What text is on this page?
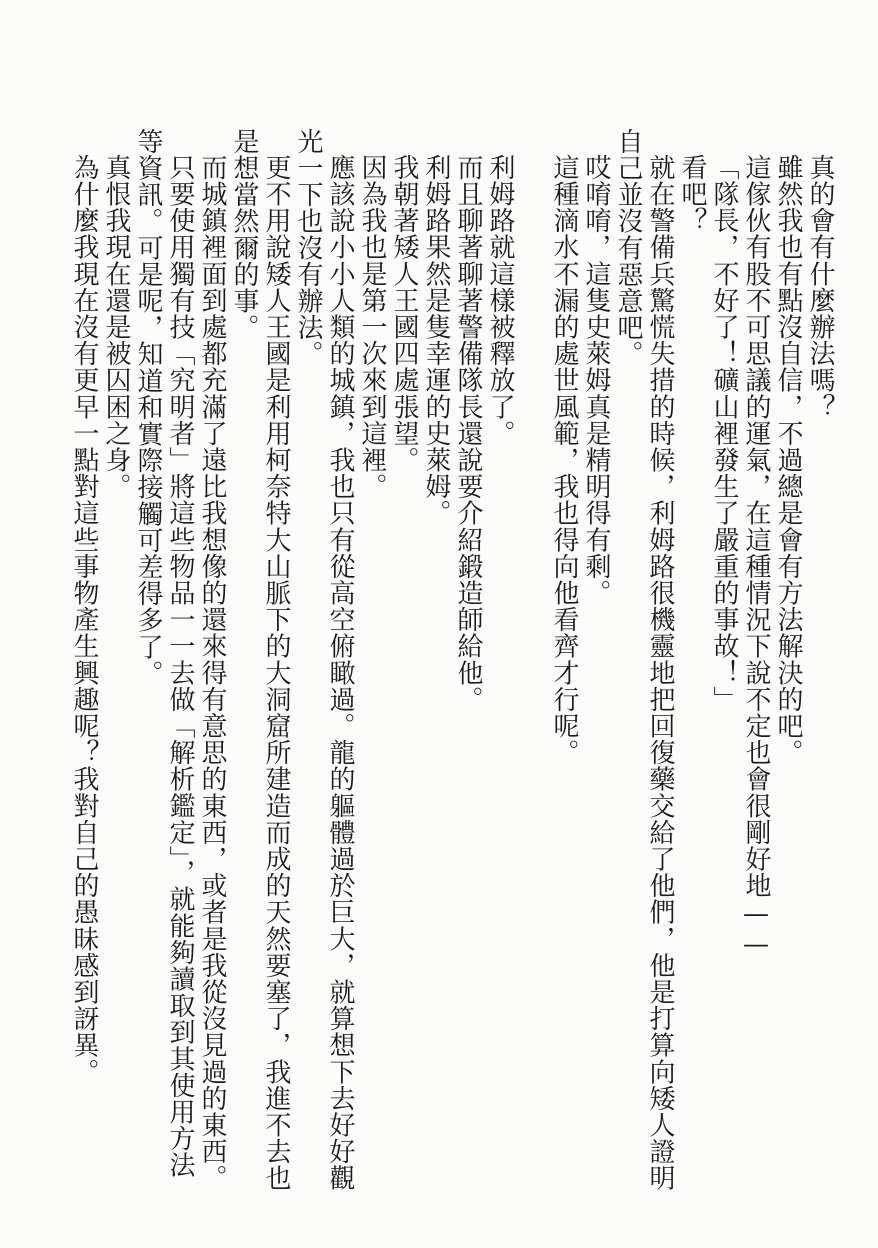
真的會有什麼辦法嗎？

雖然我也有點沒自信，不過總是會有方法解決的吧。

這傢伙有股不可思議的運氣，在這種情況下說不定也會很剛好地——

「隊長，不好了！礦山裡發生了嚴重的事故！」

看吧？

就在警備兵驚慌失措的時候，利姆路很機靈地把回復藥交給了他們，他是打算向矮人證明自己並沒有惡意吧。

哎唷唷，這隻史萊姆真是精明得有剩。

這種滴水不漏的處世風範，我也得向他看齊才行呢。

利姆路就這樣被釋放了。

而且聊著聊著警備隊長還說要介紹鍛造師給他。

利姆路果然是隻幸運的史萊姆。

我朝著矮人王國四處張望。

因為我也是第一次來到這裡。

應該說小小人類的城鎮，我也只有從高空俯瞰過。龍的軀體過於巨大，就算想下去好好觀光一下也沒有辦法。

更不用說矮人王國是利用柯奈特大山脈下的大洞窟所建造而成的天然要塞了，我進不去也是想當然爾的事。

而城鎮裡面到處都充滿了遠比我想像的還來得有意思的東西，或者是我從沒見過的東西。

只要使用獨有技「究明者」將這些物品一一去做「解析鑑定」，就能夠讀取到其使用方法等資訊。可是呢，知道和實際接觸可差得多了。

真恨我現在還是被囚困之身。

為什麼我現在沒有更早一點對這些事物產生興趣呢？我對自己的愚昧感到訝異。
